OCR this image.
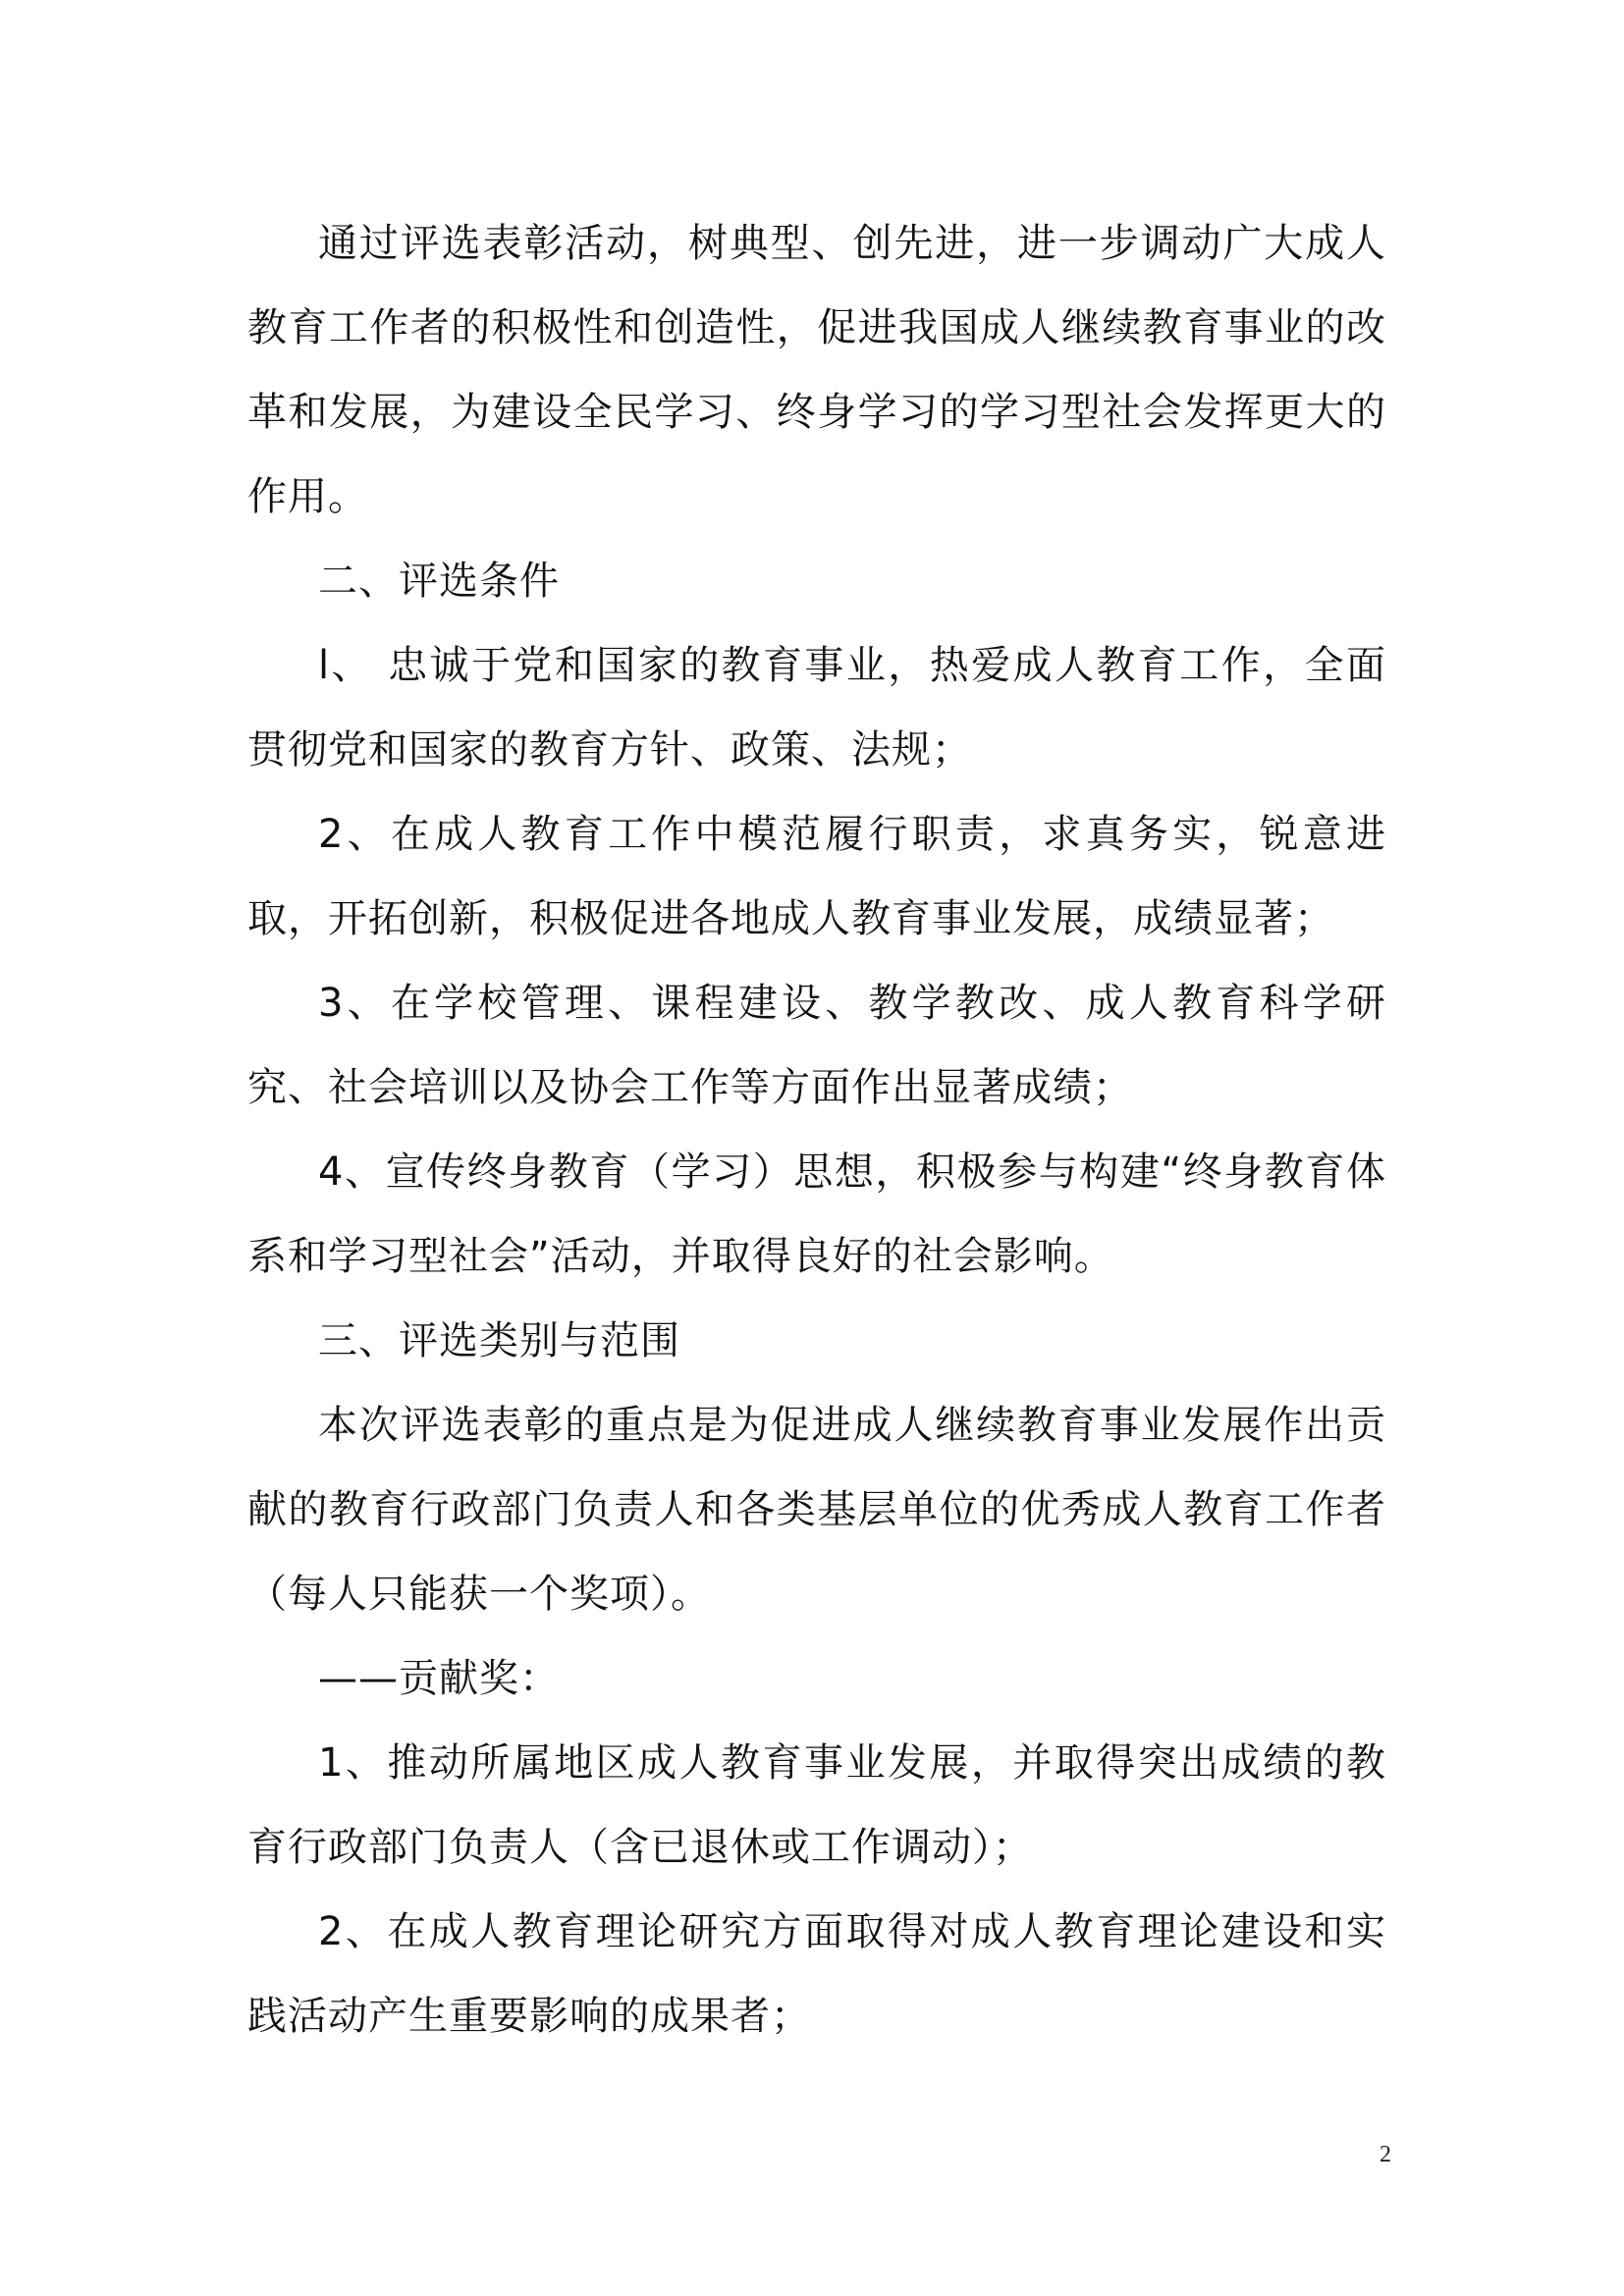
通过评选表彰活动，树典型、创先进，进一步调动广大成人教育工作者的积极性和创造性，促进我国成人继续教育事业的改革和发展，为建设全民学习、终身学习的学习型社会发挥更大的作用。

二、评选条件

l、 忠诚于党和国家的教育事业，热爱成人教育工作，全面贯彻党和国家的教育方针、政策、法规；

2、在成人教育工作中模范履行职责，求真务实，锐意进取，开拓创新，积极促进各地成人教育事业发展，成绩显著；

3、在学校管理、课程建设、教学教改、成人教育科学研究、社会培训以及协会工作等方面作出显著成绩；

4、宣传终身教育（学习）思想，积极参与构建“终身教育体系和学习型社会”活动，并取得良好的社会影响。

三、评选类别与范围

本次评选表彰的重点是为促进成人继续教育事业发展作出贡献的教育行政部门负责人和各类基层单位的优秀成人教育工作者（每人只能获一个奖项）。

——贡献奖：

1、推动所属地区成人教育事业发展，并取得突出成绩的教育行政部门负责人（含已退休或工作调动）；

2、在成人教育理论研究方面取得对成人教育理论建设和实践活动产生重要影响的成果者；

2
